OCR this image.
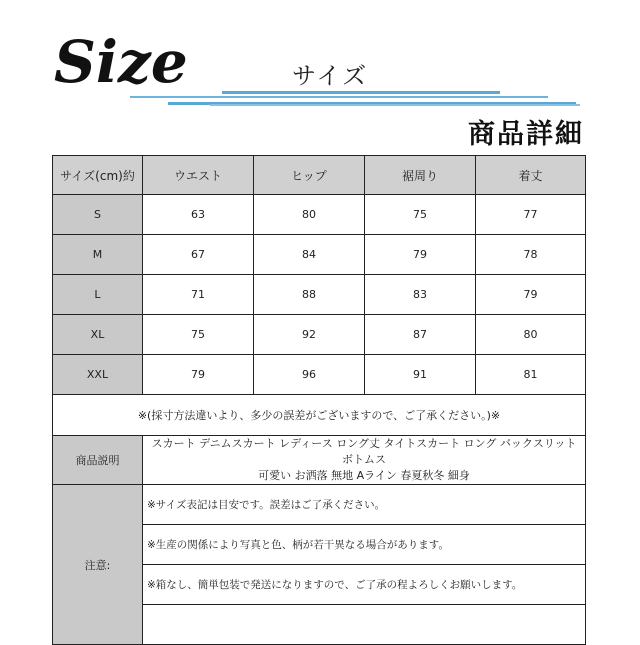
Size	サイズ
商品詳細
サイズ(cm)約	ウエスト	ヒップ	裾周り	着丈
S	63	80	75	77
M	67	84	79	78
L	71	88	83	79
XL	75	92	87	80
XXL	79	96	91	81
※(採寸方法違いより、多少の誤差がございますので、ご了承ください。)※				
商品説明	スカート デニムスカート レディース ロング丈 タイトスカート ロング バックスリット ボトムス
可愛い お洒落 無地 Aライン 春夏秋冬 細身			

注意:	※サイズ表記は目安です。誤差はご了承ください。			
	※生産の関係により写真と色、柄が若干異なる場合があります。			
	※箱なし、簡単包装で発送になりますので、ご了承の程よろしくお願いします。			
